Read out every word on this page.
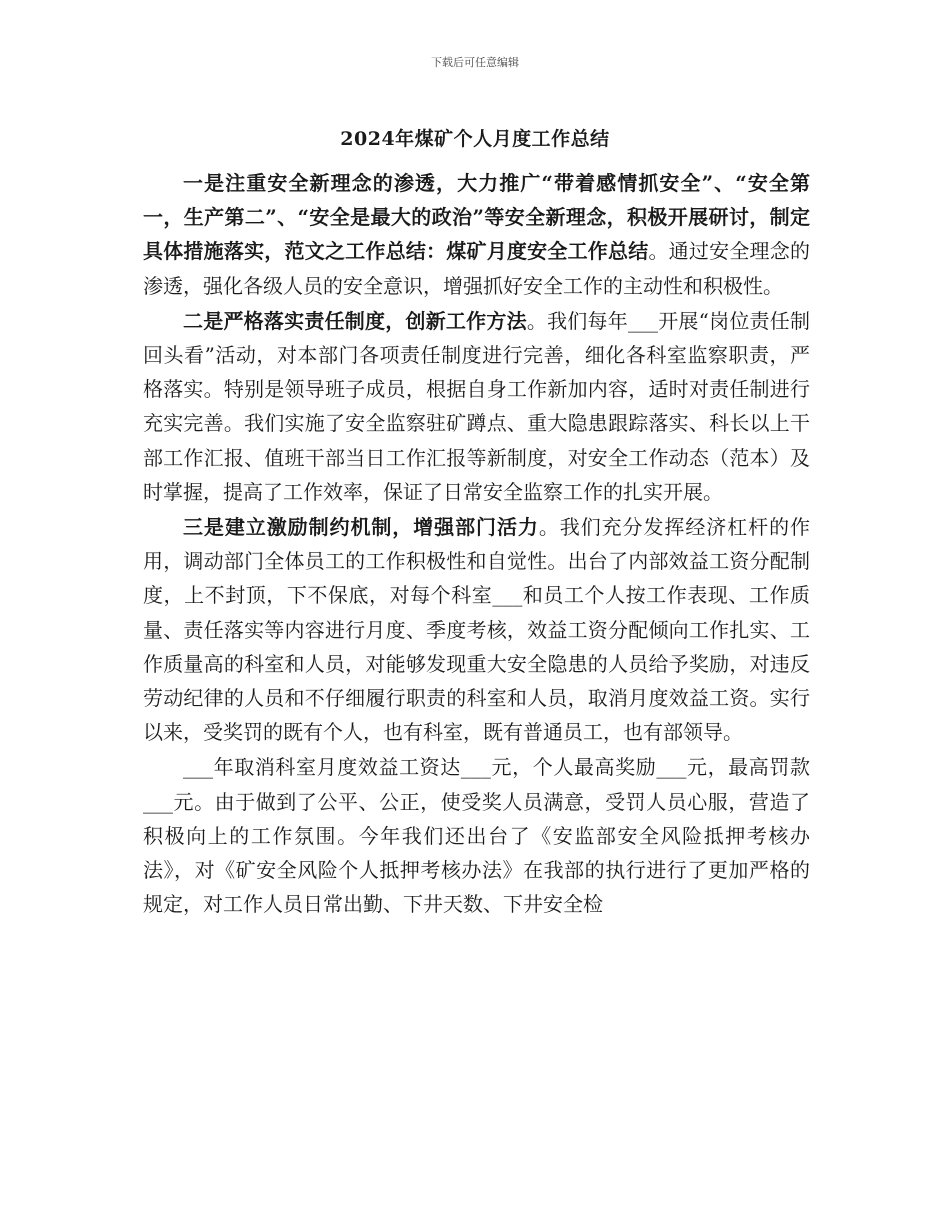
下载后可任意编辑
2024年煤矿个人月度工作总结

一是注重安全新理念的渗透，大力推广“带着感情抓安全”、“安全第一，生产第二”、“安全是最大的政治”等安全新理念，积极开展研讨，制定具体措施落实，范文之工作总结：煤矿月度安全工作总结。通过安全理念的渗透，强化各级人员的安全意识，增强抓好安全工作的主动性和积极性。

二是严格落实责任制度，创新工作方法。我们每年___开展“岗位责任制回头看”活动，对本部门各项责任制度进行完善，细化各科室监察职责，严格落实。特别是领导班子成员，根据自身工作新加内容，适时对责任制进行充实完善。我们实施了安全监察驻矿蹲点、重大隐患跟踪落实、科长以上干部工作汇报、值班干部当日工作汇报等新制度，对安全工作动态（范本）及时掌握，提高了工作效率，保证了日常安全监察工作的扎实开展。

三是建立激励制约机制，增强部门活力。我们充分发挥经济杠杆的作用，调动部门全体员工的工作积极性和自觉性。出台了内部效益工资分配制度，上不封顶，下不保底，对每个科室___和员工个人按工作表现、工作质量、责任落实等内容进行月度、季度考核，效益工资分配倾向工作扎实、工作质量高的科室和人员，对能够发现重大安全隐患的人员给予奖励，对违反劳动纪律的人员和不仔细履行职责的科室和人员，取消月度效益工资。实行以来，受奖罚的既有个人，也有科室，既有普通员工，也有部领导。

___年取消科室月度效益工资达___元，个人最高奖励___元，最高罚款___元。由于做到了公平、公正，使受奖人员满意，受罚人员心服，营造了积极向上的工作氛围。今年我们还出台了《安监部安全风险抵押考核办法》，对《矿安全风险个人抵押考核办法》在我部的执行进行了更加严格的规定，对工作人员日常出勤、下井天数、下井安全检
